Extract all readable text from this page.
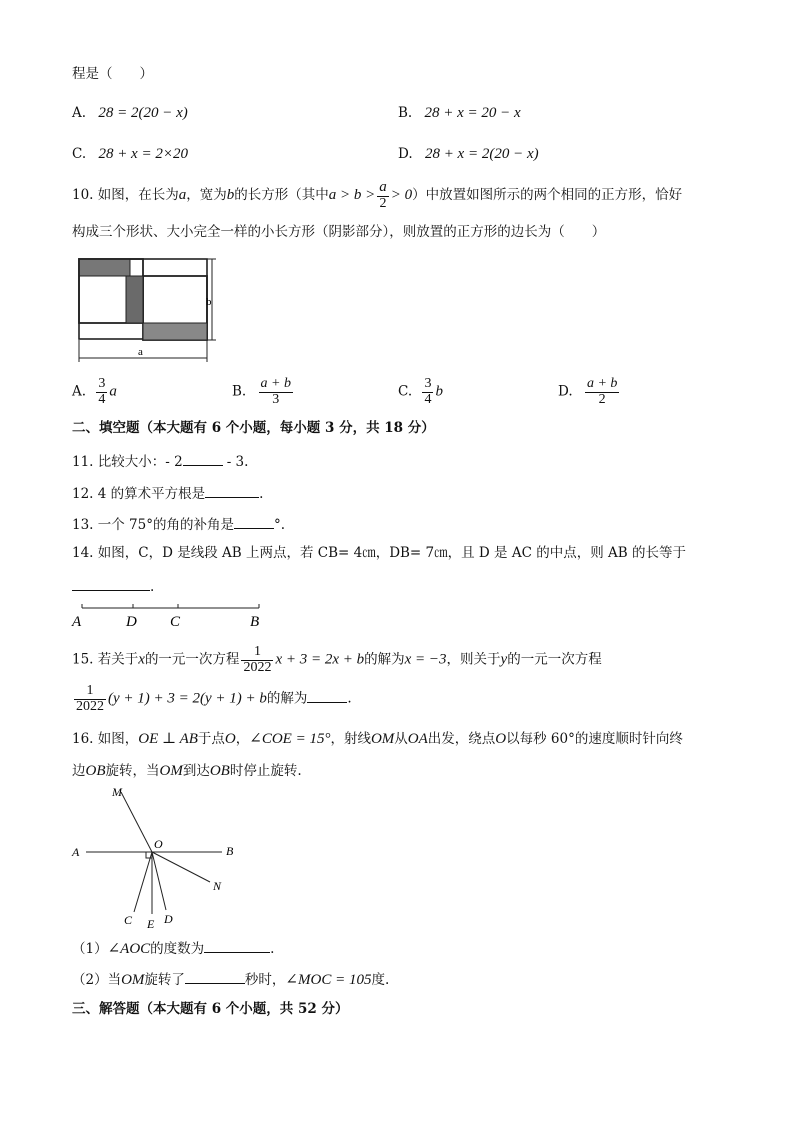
程是（　　）
A. 28 = 2(20 − x)	B. 28 + x = 20 − x
C. 28 + x = 2×20	D. 28 + x = 2(20 − x)
10. 如图，在长为a，宽为b的长方形（其中$a > b > \frac{a}{2} > 0$）中放置如图所示的两个相同的正方形，恰好
构成三个形状、大小完全一样的小长方形（阴影部分），则放置的正方形的边长为（　　）
b
a
A. $\frac{3}{4}$ a	B. $\frac{a + b}{3}$	C. $\frac{3}{4}$ b	D. $\frac{a + b}{2}$
二、填空题（本大题有 6 个小题，每小题 3 分，共 18 分）
11. 比较大小：- 2	- 3.
12. 4 的算术平方根是	.
13. 一个 75°的角的补角是	°.
14. 如图，C，D 是线段 AB 上两点，若 CB= 4㎝，DB= 7㎝，且 D 是 AC 的中点，则 AB 的长等于
.
A	D C	B
15. 若关于x的一元一次方程 $\frac{1}{2022}$ x + 3 = 2x + b的解为x = −3，则关于y的一元一次方程
$\frac{1}{2022} (y + 1) + 3 = 2(y + 1) + b$的解为	.
16. 如图，OE ⊥ AB于点O，∠COE = 15°，射线OM从OA出发，绕点O以每秒 60°的速度顺时针向终
边OB旋转，当OM到达OB时停止旋转.
M
O
A	B
N
C E D
（1）∠AOC的度数为	.
（2）当OM旋转了	秒时，∠MOC = 105度.
三、解答题（本大题有 6 个小题，共 52 分）
